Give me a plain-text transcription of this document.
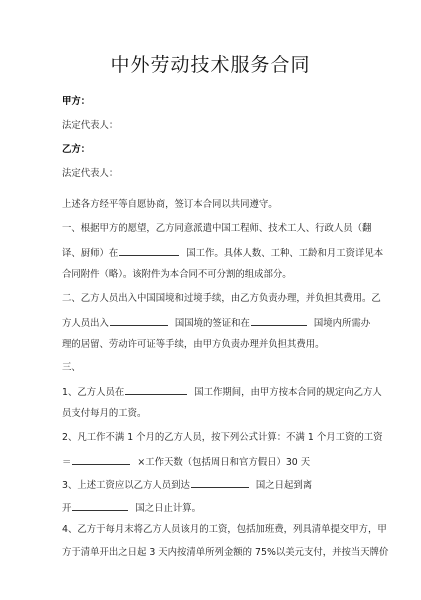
中外劳动技术服务合同
甲方：
法定代表人：
乙方：
法定代表人：
上述各方经平等自愿协商，签订本合同以共同遵守。
一、根据甲方的愿望，乙方同意派遣中国工程师、技术工人、行政人员（翻
译、厨师）在	国工作。具体人数、工种、工龄和月工资详见本
合同附件（略）。该附件为本合同不可分割的组成部分。
二、乙方人员出入中国国境和过境手续，由乙方负责办理，并负担其费用。乙
方人员出入	国国境的签证和在	国境内所需办
理的居留、劳动许可证等手续，由甲方负责办理并负担其费用。
三、
1、乙方人员在	国工作期间，由甲方按本合同的规定向乙方人
员支付每月的工资。
2、凡工作不满 1 个月的乙方人员，按下列公式计算：不满 1 个月工资的工资
＝	×工作天数（包括周日和官方假日）30 天
3、上述工资应以乙方人员到达	国之日起到离
开	国之日止计算。
4、乙方于每月末将乙方人员该月的工资，包括加班费，列具清单提交甲方，甲
方于清单开出之日起 3 天内按清单所列金额的 75%以美元支付，并按当天牌价
